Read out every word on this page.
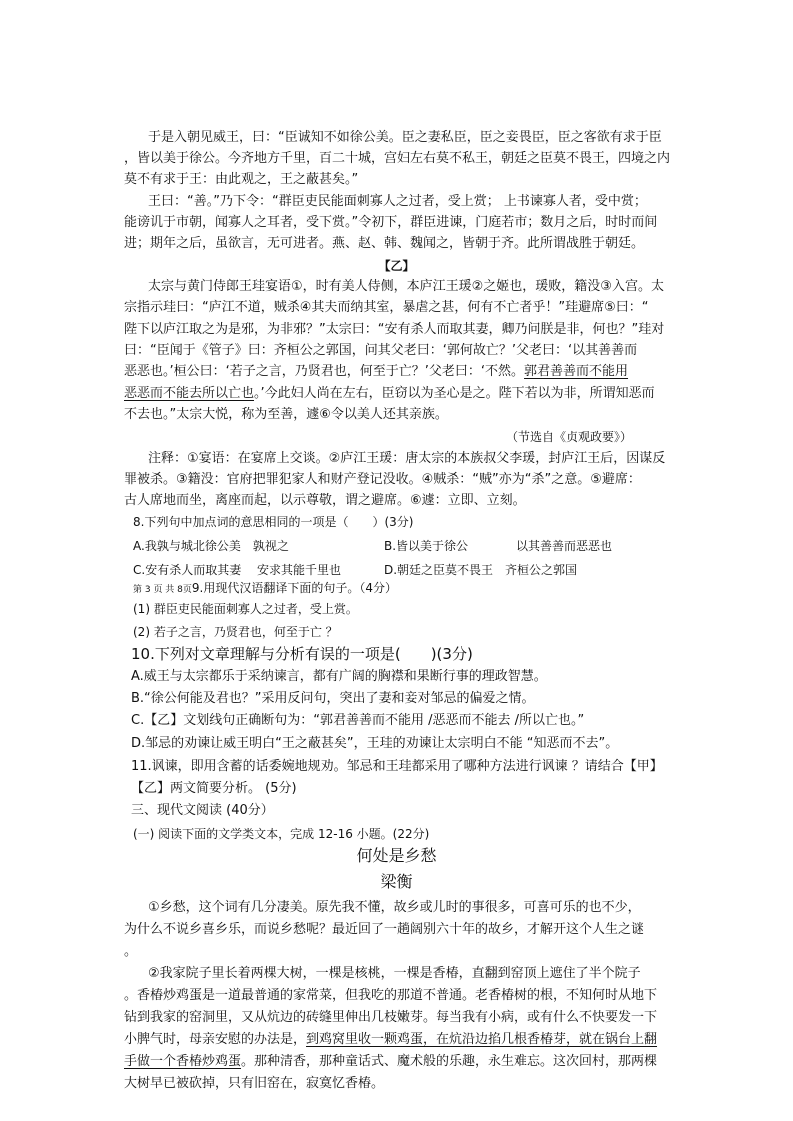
于是入朝见威王，曰：“臣诚知不如徐公美。臣之妻私臣，臣之妾畏臣，臣之客欲有求于臣
，皆以美于徐公。今齐地方千里，百二十城，宫妇左右莫不私王，朝廷之臣莫不畏王，四境之内
莫不有求于王：由此观之，王之蔽甚矣。”
王曰：“善。”乃下令：“群臣吏民能面刺寡人之过者，受上赏； 上书谏寡人者，受中赏；
能谤讥于市朝，闻寡人之耳者，受下赏。”令初下，群臣进谏，门庭若市；数月之后，时时而间
进；期年之后，虽欲言，无可进者。燕、赵、韩、魏闻之，皆朝于齐。此所谓战胜于朝廷。
【乙】
太宗与黄门侍郎王珪宴语①，时有美人侍侧，本庐江王瑗②之姬也，瑗败，籍没③入宫。太
宗指示珪曰：“庐江不道，贼杀④其夫而纳其室，暴虐之甚，何有不亡者乎！”珪避席⑤曰：“
陛下以庐江取之为是邪，为非邪？”太宗曰：“安有杀人而取其妻，卿乃问朕是非，何也？”珪对
曰：“臣闻于《管子》曰：齐桓公之郭国，问其父老曰：‘郭何故亡？’父老曰：‘以其善善而
恶恶也。’桓公曰：‘若子之言，乃贤君也，何至于亡？’父老曰：‘不然。郭君善善而不能用
恶恶而不能去所以亡也。’今此妇人尚在左右，臣窃以为圣心是之。陛下若以为非，所谓知恶而
不去也。”太宗大悦，称为至善，遽⑥令以美人还其亲族。
（节选自《贞观政要》）
注释：①宴语：在宴席上交谈。②庐江王瑗：唐太宗的本族叔父李瑗，封庐江王后，因谋反
罪被杀。③籍没：官府把罪犯家人和财产登记没收。④贼杀：“贼”亦为“杀”之意。⑤避席：
古人席地而坐，离座而起，以示尊敬，谓之避席。⑥遽：立即、立刻。
8.下列句中加点词的意思相同的一项是（　　）(3分)
A.我孰与城北徐公美　孰视之	B.皆以美于徐公　　　　以其善善而恶恶也
C.安有杀人而取其妻　 安求其能千里也	D.朝廷之臣莫不畏王　齐桓公之郭国
第 3 页 共 8页9.用现代汉语翻译下面的句子。（4分）
(1) 群臣吏民能面刺寡人之过者，受上赏。
(2) 若子之言，乃贤君也，何至于亡 ？
10.下列对文章理解与分析有误的一项是(　　)(3分)
A.威王与太宗都乐于采纳谏言，都有广阔的胸襟和果断行事的理政智慧。
B.“徐公何能及君也？”采用反问句，突出了妻和妾对邹忌的偏爱之情。
C.【乙】文划线句正确断句为：“郭君善善而不能用 /恶恶而不能去 /所以亡也。”
D.邹忌的劝谏让威王明白“王之蔽甚矣”，王珪的劝谏让太宗明白不能 “知恶而不去”。
11.讽谏，即用含蓄的话委婉地规劝。邹忌和王珪都采用了哪种方法进行讽谏 ？请结合【甲】
【乙】两文简要分析。 (5分)
三、现代文阅读 (40分）
(一) 阅读下面的文学类文本，完成 12-16 小题。(22分)
何处是乡愁
梁衡
①乡愁，这个词有几分凄美。原先我不懂，故乡或儿时的事很多，可喜可乐的也不少，
为什么不说乡喜乡乐，而说乡愁呢？最近回了一趟阔别六十年的故乡，才解开这个人生之谜
。
②我家院子里长着两棵大树，一棵是核桃，一棵是香椿，直翻到窑顶上遮住了半个院子
。香椿炒鸡蛋是一道最普通的家常菜，但我吃的那道不普通。老香椿树的根，不知何时从地下
钻到我家的窑洞里，又从炕边的砖缝里伸出几枝嫩芽。每当我有小病，或有什么不快要发一下
小脾气时，母亲安慰的办法是，到鸡窝里收一颗鸡蛋，在炕沿边掐几根香椿芽，就在锅台上翻
手做一个香椿炒鸡蛋。那种清香，那种童话式、魔术般的乐趣，永生难忘。这次回村，那两棵
大树早已被砍掉，只有旧窑在，寂寞忆香椿。
